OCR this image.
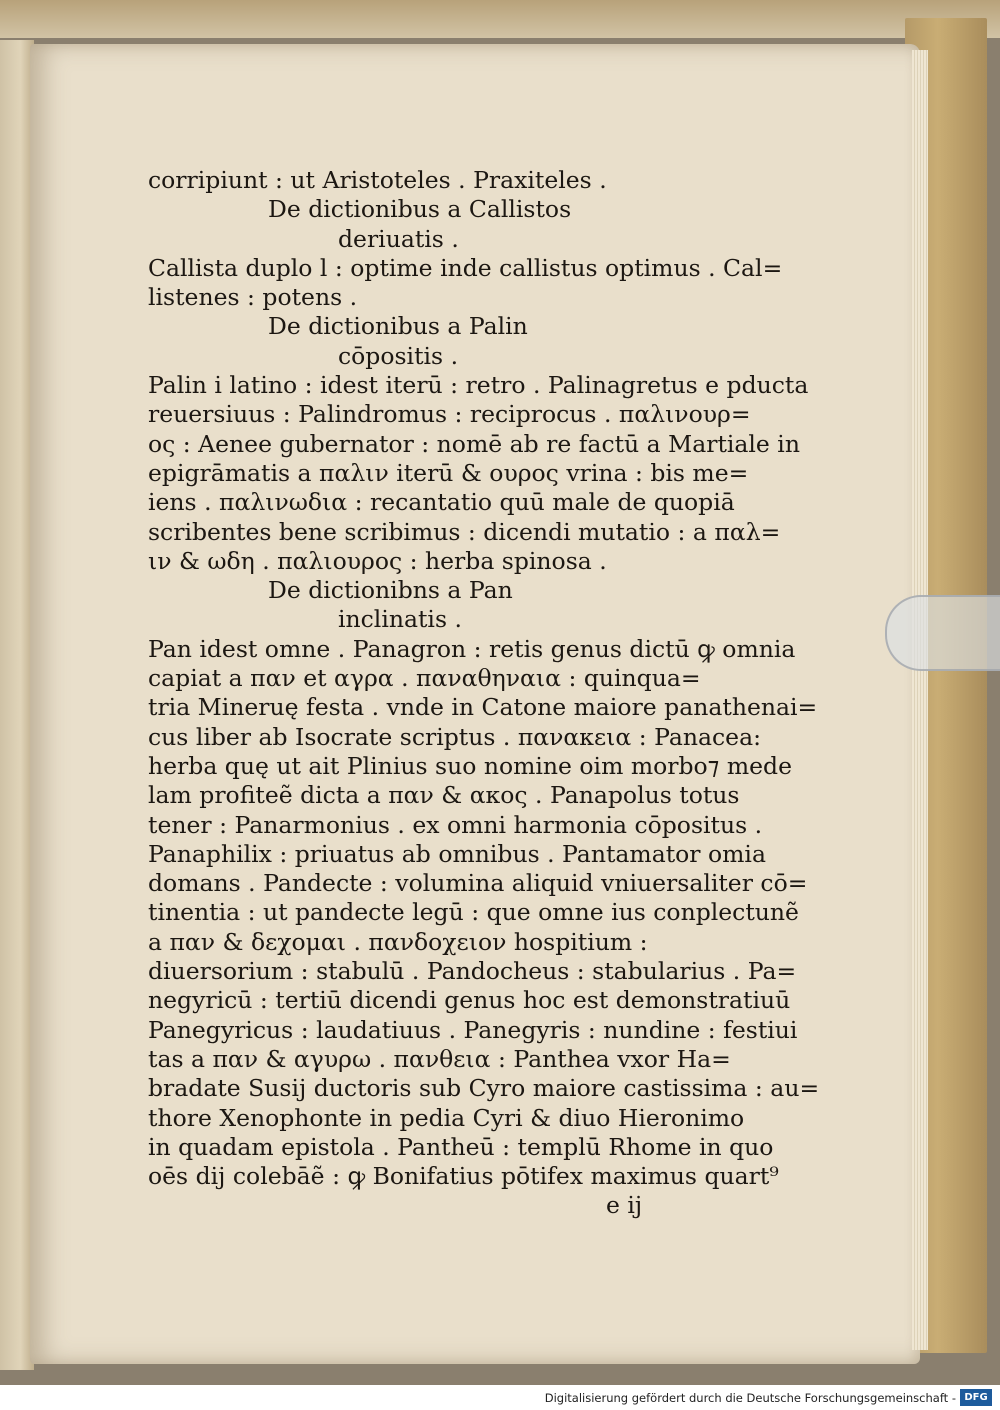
corripiunt : ut Aristoteles . Praxiteles .
De dictionibus a Callistos
deriuatis .
Callista duplo l : optime inde callistus optimus . Cal=
listenes : potens .
De dictionibus a Palin
cōpositis .
Palin i latino : idest iterū : retro . Palinagretus e pducta
reuersiuus : Palindromus : reciprocus . παλινουρ=
ος : Aenee gubernator : nomē ab re factū a Martiale in
epigrāmatis a παλιν iterū & ουρος vrina : bis me=
iens . παλινωδια : recantatio quū male de quopiā
scribentes bene scribimus : dicendi mutatio : a παλ=
ιν & ωδη . παλιουρος : herba spinosa .
De dictionibns a Pan
inclinatis .
Pan idest omne . Panagron : retis genus dictū ꝙ omnia
capiat a παν et αγρα . παναθηναια : quinqua=
tria Mineruę festa . vnde in Catone maiore panathenai=
cus liber ab Isocrate scriptus . πανακεια : Panacea:
herba quę ut ait Plinius suo nomine oim morbo⁊ mede
lam profiteẽ dicta a παν & ακος . Panapolus totus
tener : Panarmonius . ex omni harmonia cōpositus .
Panaphilix : priuatus ab omnibus . Pantamator omia
domans . Pandecte : volumina aliquid vniuersaliter cō=
tinentia : ut pandecte legū : que omne ius conplectunẽ
a παν & δεχομαι . πανδοχειον hospitium :
diuersorium : stabulū . Pandocheus : stabularius . Pa=
negyricū : tertiū dicendi genus hoc est demonstratiuū
Panegyricus : laudatiuus . Panegyris : nundine : festiui
tas a παν & αγυρω . πανθεια : Panthea vxor Ha=
bradate Susij ductoris sub Cyro maiore castissima : au=
thore Xenophonte in pedia Cyri & diuo Hieronimo
in quadam epistola . Pantheū : templū Rhome in quo
oēs dij colebāẽ : ꝙ Bonifatius pōtifex maximus quart⁹
e ij
Digitalisierung gefördert durch die Deutsche Forschungsgemeinschaft - DFG
